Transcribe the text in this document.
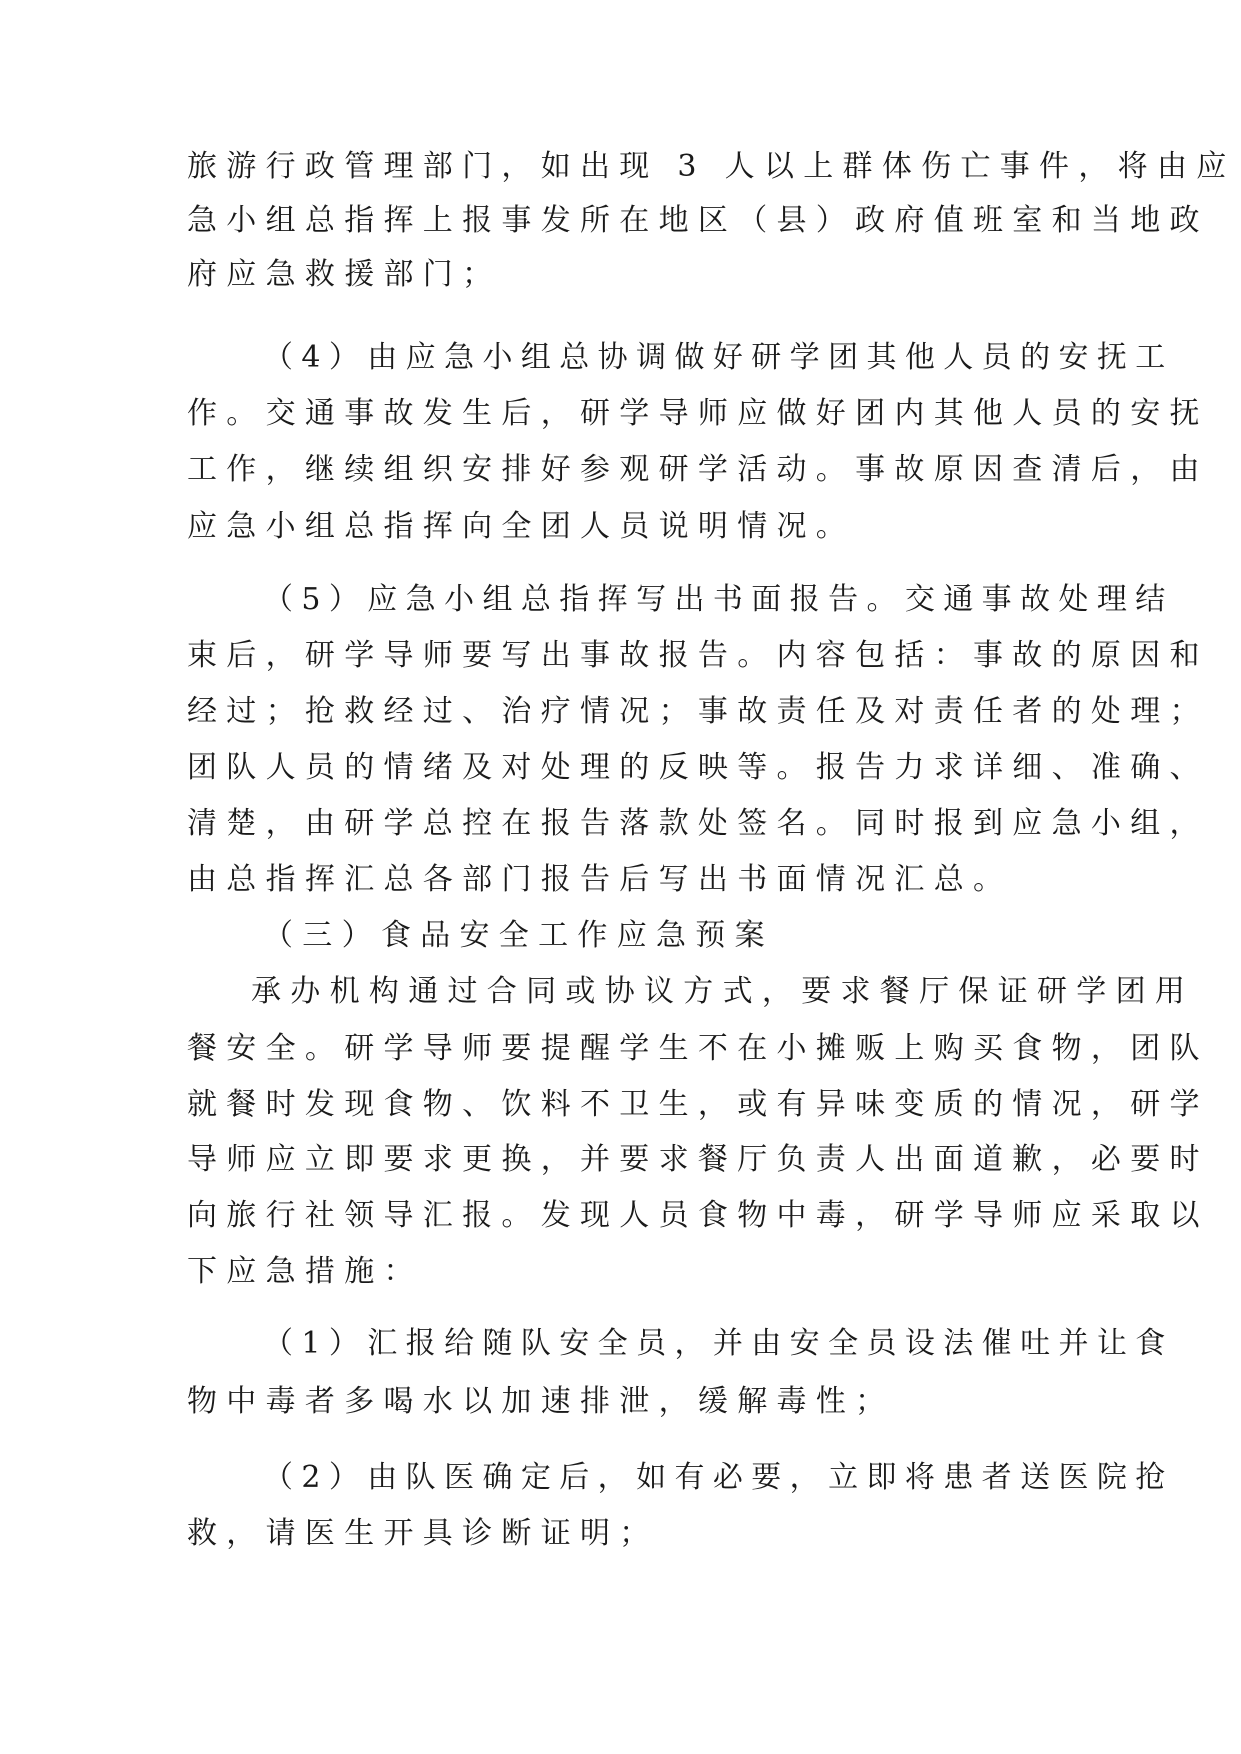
旅游行政管理部门，如出现 3 人以上群体伤亡事件，将由应
急小组总指挥上报事发所在地区（县）政府值班室和当地政
府应急救援部门；
（4）由应急小组总协调做好研学团其他人员的安抚工
作。交通事故发生后，研学导师应做好团内其他人员的安抚
工作，继续组织安排好参观研学活动。事故原因查清后，由
应急小组总指挥向全团人员说明情况。
（5）应急小组总指挥写出书面报告。交通事故处理结
束后，研学导师要写出事故报告。内容包括：事故的原因和
经过；抢救经过、治疗情况；事故责任及对责任者的处理；
团队人员的情绪及对处理的反映等。报告力求详细、准确、
清楚，由研学总控在报告落款处签名。同时报到应急小组，
由总指挥汇总各部门报告后写出书面情况汇总。
（三）食品安全工作应急预案
承办机构通过合同或协议方式，要求餐厅保证研学团用
餐安全。研学导师要提醒学生不在小摊贩上购买食物，团队
就餐时发现食物、饮料不卫生，或有异味变质的情况，研学
导师应立即要求更换，并要求餐厅负责人出面道歉，必要时
向旅行社领导汇报。发现人员食物中毒，研学导师应采取以
下应急措施：
（1）汇报给随队安全员，并由安全员设法催吐并让食
物中毒者多喝水以加速排泄，缓解毒性；
（2）由队医确定后，如有必要，立即将患者送医院抢
救，请医生开具诊断证明；
